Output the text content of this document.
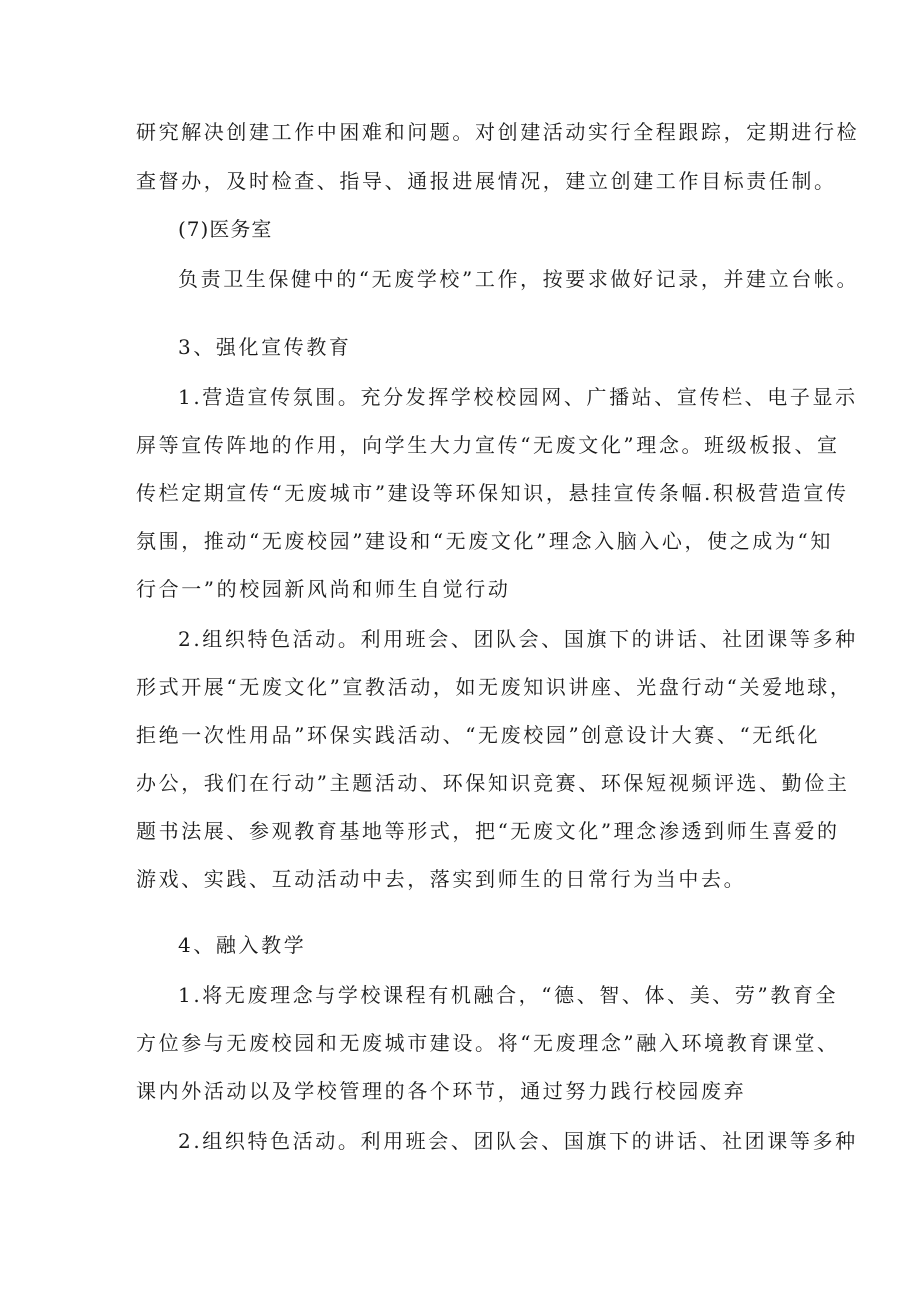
研究解决创建工作中困难和问题。对创建活动实行全程跟踪，定期进行检
查督办，及时检查、指导、通报进展情况，建立创建工作目标责任制。
(7)医务室
负责卫生保健中的“无废学校”工作，按要求做好记录，并建立台帐。
3、强化宣传教育
1.营造宣传氛围。充分发挥学校校园网、广播站、宣传栏、电子显示
屏等宣传阵地的作用，向学生大力宣传“无废文化”理念。班级板报、宣
传栏定期宣传“无废城市”建设等环保知识，悬挂宣传条幅.积极营造宣传
氛围，推动“无废校园”建设和“无废文化”理念入脑入心，使之成为“知
行合一”的校园新风尚和师生自觉行动
2.组织特色活动。利用班会、团队会、国旗下的讲话、社团课等多种
形式开展“无废文化”宣教活动，如无废知识讲座、光盘行动“关爱地球，
拒绝一次性用品”环保实践活动、“无废校园”创意设计大赛、“无纸化
办公，我们在行动”主题活动、环保知识竞赛、环保短视频评选、勤俭主
题书法展、参观教育基地等形式，把“无废文化”理念渗透到师生喜爱的
游戏、实践、互动活动中去，落实到师生的日常行为当中去。
4、融入教学
1.将无废理念与学校课程有机融合，“德、智、体、美、劳”教育全
方位参与无废校园和无废城市建设。将“无废理念”融入环境教育课堂、
课内外活动以及学校管理的各个环节，通过努力践行校园废弃
2.组织特色活动。利用班会、团队会、国旗下的讲话、社团课等多种
